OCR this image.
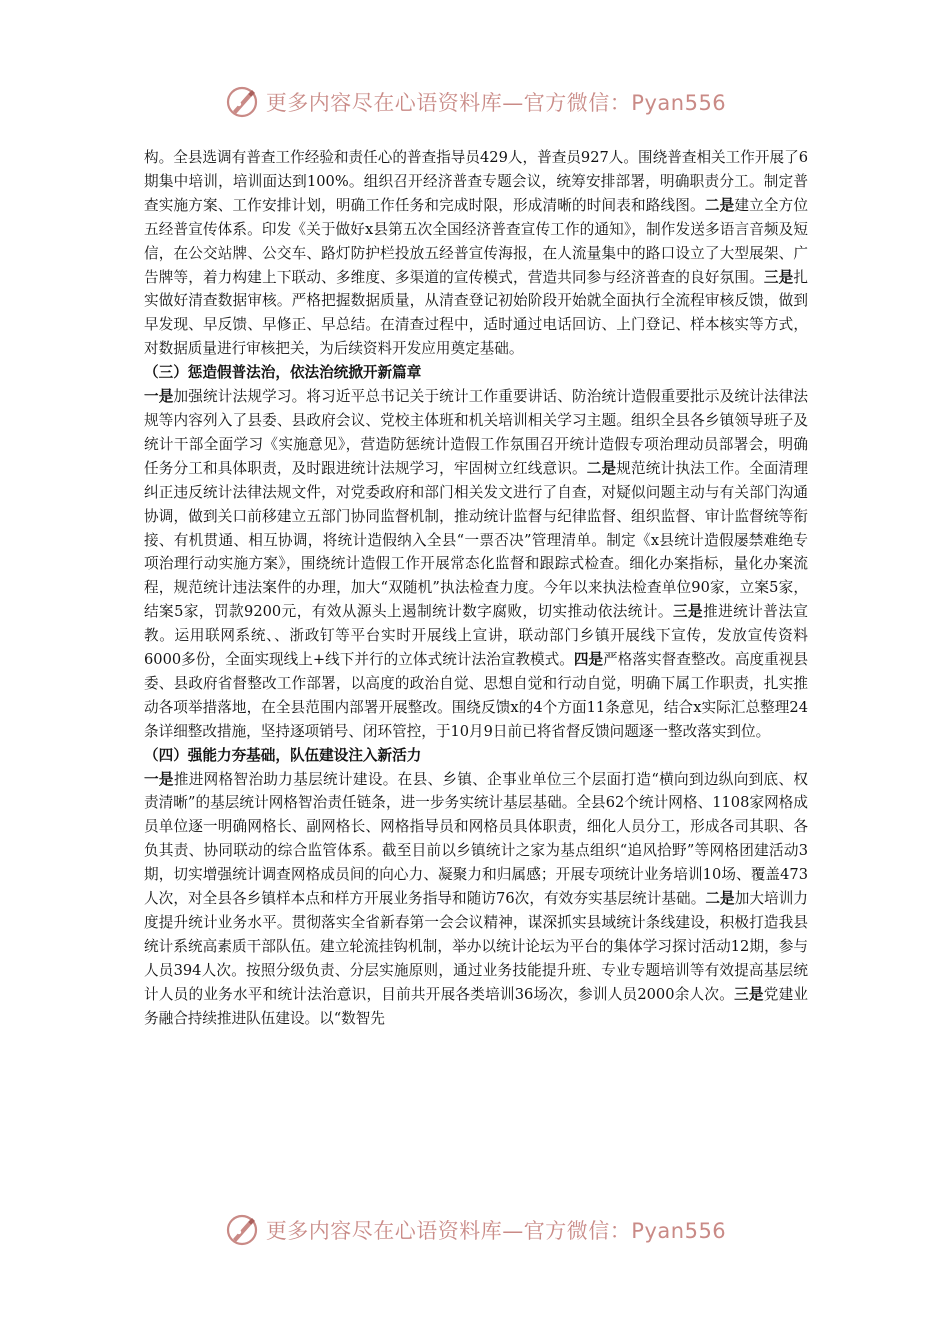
更多内容尽在心语资料库—官方微信：Pyan556

构。全县选调有普查工作经验和责任心的普查指导员429人，普查员927人。围绕普查相关工作开展了6期集中培训，培训面达到100%。组织召开经济普查专题会议，统筹安排部署，明确职责分工。制定普查实施方案、工作安排计划，明确工作任务和完成时限，形成清晰的时间表和路线图。二是建立全方位五经普宣传体系。印发《关于做好x县第五次全国经济普查宣传工作的通知》，制作发送多语言音频及短信，在公交站牌、公交车、路灯防护栏投放五经普宣传海报，在人流量集中的路口设立了大型展架、广告牌等，着力构建上下联动、多维度、多渠道的宣传模式，营造共同参与经济普查的良好氛围。三是扎实做好清查数据审核。严格把握数据质量，从清查登记初始阶段开始就全面执行全流程审核反馈，做到早发现、早反馈、早修正、早总结。在清查过程中，适时通过电话回访、上门登记、样本核实等方式，对数据质量进行审核把关，为后续资料开发应用奠定基础。

（三）惩造假普法治，依法治统掀开新篇章

一是加强统计法规学习。将习近平总书记关于统计工作重要讲话、防治统计造假重要批示及统计法律法规等内容列入了县委、县政府会议、党校主体班和机关培训相关学习主题。组织全县各乡镇领导班子及统计干部全面学习《实施意见》，营造防惩统计造假工作氛围召开统计造假专项治理动员部署会，明确任务分工和具体职责，及时跟进统计法规学习，牢固树立红线意识。二是规范统计执法工作。全面清理纠正违反统计法律法规文件，对党委政府和部门相关发文进行了自查，对疑似问题主动与有关部门沟通协调，做到关口前移建立五部门协同监督机制，推动统计监督与纪律监督、组织监督、审计监督统等衔接、有机贯通、相互协调，将统计造假纳入全县“一票否决”管理清单。制定《x县统计造假屡禁难绝专项治理行动实施方案》，围绕统计造假工作开展常态化监督和跟踪式检查。细化办案指标，量化办案流程，规范统计违法案件的办理，加大“双随机”执法检查力度。今年以来执法检查单位90家，立案5家，结案5家，罚款9200元，有效从源头上遏制统计数字腐败，切实推动依法统计。三是推进统计普法宣教。运用联网系统、、浙政钉等平台实时开展线上宣讲，联动部门乡镇开展线下宣传，发放宣传资料6000多份，全面实现线上+线下并行的立体式统计法治宣教模式。四是严格落实督查整改。高度重视县委、县政府省督整改工作部署，以高度的政治自觉、思想自觉和行动自觉，明确下属工作职责，扎实推动各项举措落地，在全县范围内部署开展整改。围绕反馈x的4个方面11条意见，结合x实际汇总整理24条详细整改措施，坚持逐项销号、闭环管控，于10月9日前已将省督反馈问题逐一整改落实到位。

（四）强能力夯基础，队伍建设注入新活力

一是推进网格智治助力基层统计建设。在县、乡镇、企事业单位三个层面打造“横向到边纵向到底、权责清晰”的基层统计网格智治责任链条，进一步务实统计基层基础。全县62个统计网格、1108家网格成员单位逐一明确网格长、副网格长、网格指导员和网格员具体职责，细化人员分工，形成各司其职、各负其责、协同联动的综合监管体系。截至目前以乡镇统计之家为基点组织“追风拾野”等网格团建活动3期，切实增强统计调查网格成员间的向心力、凝聚力和归属感；开展专项统计业务培训10场、覆盖473人次，对全县各乡镇样本点和样方开展业务指导和随访76次，有效夯实基层统计基础。二是加大培训力度提升统计业务水平。贯彻落实全省新春第一会会议精神，谋深抓实县域统计条线建设，积极打造我县统计系统高素质干部队伍。建立轮流挂钩机制，举办以统计论坛为平台的集体学习探讨活动12期，参与人员394人次。按照分级负责、分层实施原则，通过业务技能提升班、专业专题培训等有效提高基层统计人员的业务水平和统计法治意识，目前共开展各类培训36场次，参训人员2000余人次。三是党建业务融合持续推进队伍建设。以“数智先

更多内容尽在心语资料库—官方微信：Pyan556
